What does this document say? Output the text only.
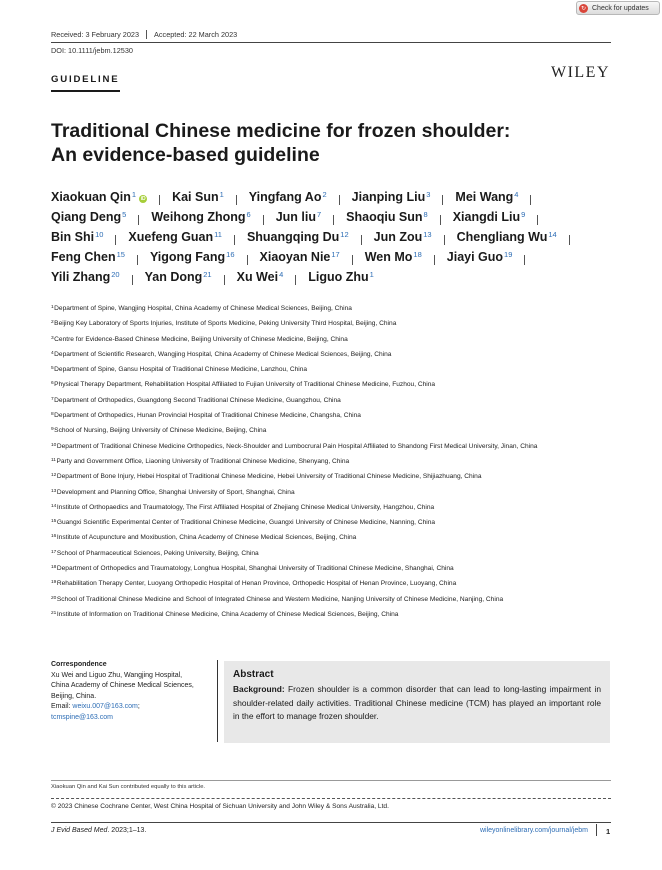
↻ Check for updates
Received: 3 February 2023 Accepted: 22 March 2023
DOI: 10.1111/jebm.12530
GUIDELINE	WILEY
Traditional Chinese medicine for frozen shoulder:
An evidence-based guideline
Xiaokuan Qin$^1$ iD Kai Sun$^1$ Yingfang Ao$^2$ Jianping Liu$^3$ Mei Wang$^4$
Qiang Deng$^5$ Weihong Zhong$^6$ Jun liu$^7$ Shaoqiu Sun$^8$ Xiangdi Liu$^9$
Bin Shi$^{10}$ Xuefeng Guan$^{11}$ Shuangqing Du$^{12}$ Jun Zou$^{13}$ Chengliang Wu$^{14}$
Feng Chen$^{15}$ Yigong Fang$^{16}$ Xiaoyan Nie$^{17}$ Wen Mo$^{18}$ Jiayi Guo$^{19}$
Yili Zhang$^{20}$ Yan Dong$^{21}$ Xu Wei$^4$ Liguo Zhu$^1$
$^1$Department of Spine, Wangjing Hospital, China Academy of Chinese Medical Sciences, Beijing, China
$^2$Beijing Key Laboratory of Sports Injuries, Institute of Sports Medicine, Peking University Third Hospital, Beijing, China
$^3$Centre for Evidence-Based Chinese Medicine, Beijing University of Chinese Medicine, Beijing, China
$^4$Department of Scientific Research, Wangjing Hospital, China Academy of Chinese Medical Sciences, Beijing, China
$^5$Department of Spine, Gansu Hospital of Traditional Chinese Medicine, Lanzhou, China
$^6$Physical Therapy Department, Rehabilitation Hospital Affiliated to Fujian University of Traditional Chinese Medicine, Fuzhou, China
$^7$Department of Orthopedics, Guangdong Second Traditional Chinese Medicine, Guangzhou, China
$^8$Department of Orthopedics, Hunan Provincial Hospital of Traditional Chinese Medicine, Changsha, China
$^9$School of Nursing, Beijing University of Chinese Medicine, Beijing, China
$^{10}$Department of Traditional Chinese Medicine Orthopedics, Neck-Shoulder and Lumbocrural Pain Hospital Affiliated to Shandong First Medical University, Jinan, China
$^{11}$Party and Government Office, Liaoning University of Traditional Chinese Medicine, Shenyang, China
$^{12}$Department of Bone Injury, Hebei Hospital of Traditional Chinese Medicine, Hebei University of Traditional Chinese Medicine, Shijiazhuang, China
$^{13}$Development and Planning Office, Shanghai University of Sport, Shanghai, China
$^{14}$Institute of Orthopaedics and Traumatology, The First Affiliated Hospital of Zhejiang Chinese Medical University, Hangzhou, China
$^{15}$Guangxi Scientific Experimental Center of Traditional Chinese Medicine, Guangxi University of Chinese Medicine, Nanning, China
$^{16}$Institute of Acupuncture and Moxibustion, China Academy of Chinese Medical Sciences, Beijing, China
$^{17}$School of Pharmaceutical Sciences, Peking University, Beijing, China
$^{18}$Department of Orthopedics and Traumatology, Longhua Hospital, Shanghai University of Traditional Chinese Medicine, Shanghai, China
$^{19}$Rehabilitation Therapy Center, Luoyang Orthopedic Hospital of Henan Province, Orthopedic Hospital of Henan Province, Luoyang, China
$^{20}$School of Traditional Chinese Medicine and School of Integrated Chinese and Western Medicine, Nanjing University of Chinese Medicine, Nanjing, China
$^{21}$Institute of Information on Traditional Chinese Medicine, China Academy of Chinese Medical Sciences, Beijing, China
Correspondence
Xu Wei and Liguo Zhu, Wangjing Hospital,
China Academy of Chinese Medical Sciences,
Beijing, China.
Email: weixu.007@163.com;
tcmspine@163.com
Abstract
Background: Frozen shoulder is a common disorder that can lead to long-lasting impairment in shoulder-related daily activities. Traditional Chinese medicine (TCM) has played an important role in the effort to manage frozen shoulder.
Xiaokuan Qin and Kai Sun contributed equally to this article.
© 2023 Chinese Cochrane Center, West China Hospital of Sichuan University and John Wiley & Sons Australia, Ltd.
J Evid Based Med. 2023;1–13.	wileyonlinelibrary.com/journal/jebm 1
